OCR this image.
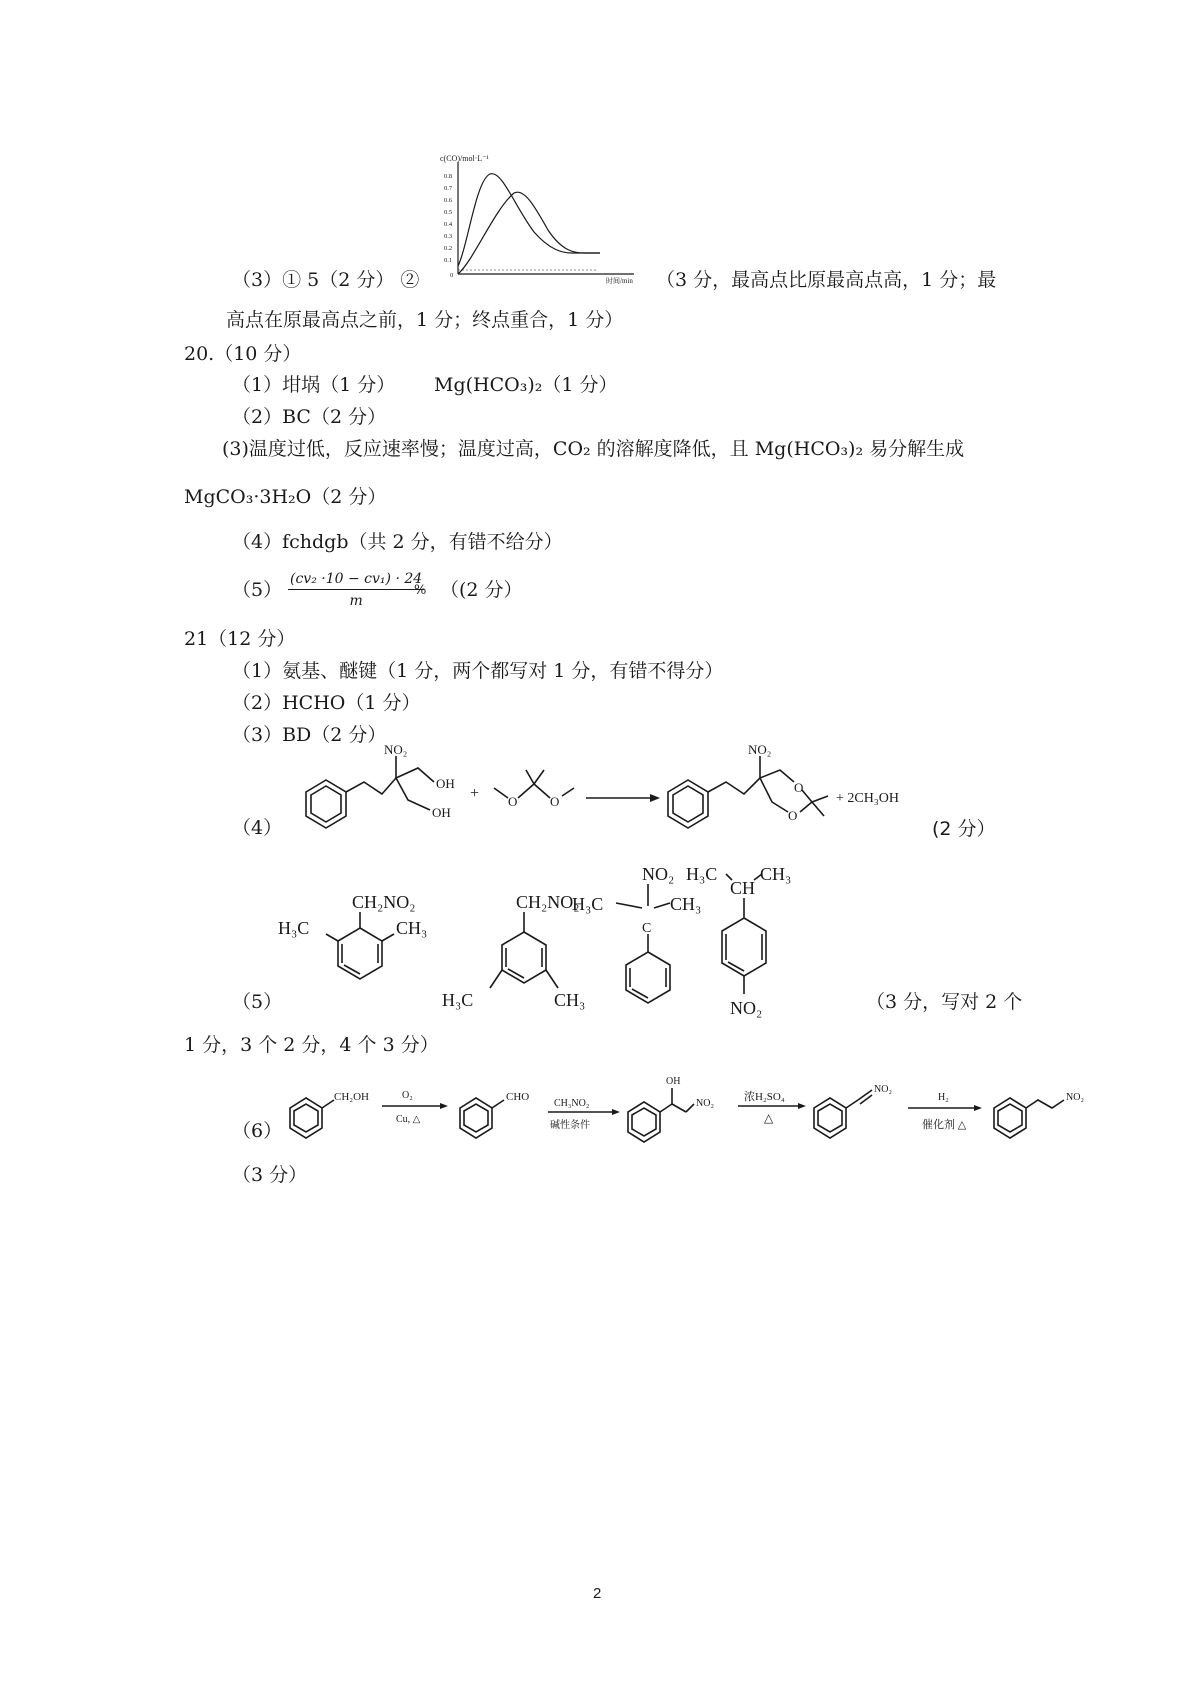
c(CO)/mol·L⁻¹
0.8
0.7
0.6
0.5
0.4
0.3
0.2
0.1
0
时间/min
（3）① 5（2 分） ②	（3 分，最高点比原最高点高，1 分；最
高点在原最高点之前，1 分；终点重合，1 分）
20.（10 分）
（1）坩埚（1 分） Mg(HCO₃)₂（1 分）
（2）BC（2 分）
(3)温度过低，反应速率慢；温度过高，CO₂ 的溶解度降低，且 Mg(HCO₃)₂ 易分解生成
MgCO₃·3H₂O（2 分）
（4）fchdgb（共 2 分，有错不给分）
$(5) \frac{\text{(cv₂ ·10 − cv₁) · 24}}{m}$
% （(2 分）
21（12 分）
（1）氨基、醚键（1 分，两个都写对 1 分，有错不得分）
（2）HCHO（1 分）
（3）BD（2 分）
（4）
NO₂
OH
OH
+ O	O
NO₂
O
O
+ 2CH₃OH
(2 分）
（5）
CH₂NO₂
H₃C	CH₃
CH₂NO₂
H₃C	CH₃
NO₂
H₃C
C
CH₃
H₃C
CH
CH₃
NO₂	（3 分，写对 2 个
1 分，3 个 2 分，4 个 3 分）
（6）
CH₂OH	O₂
Cu, △
CHO
CH₃NO₂
碱性条件
OH
NO₂
浓H₂SO₄
△
NO₂
H₂
催化剂 △
NO₂
（3 分）
2
